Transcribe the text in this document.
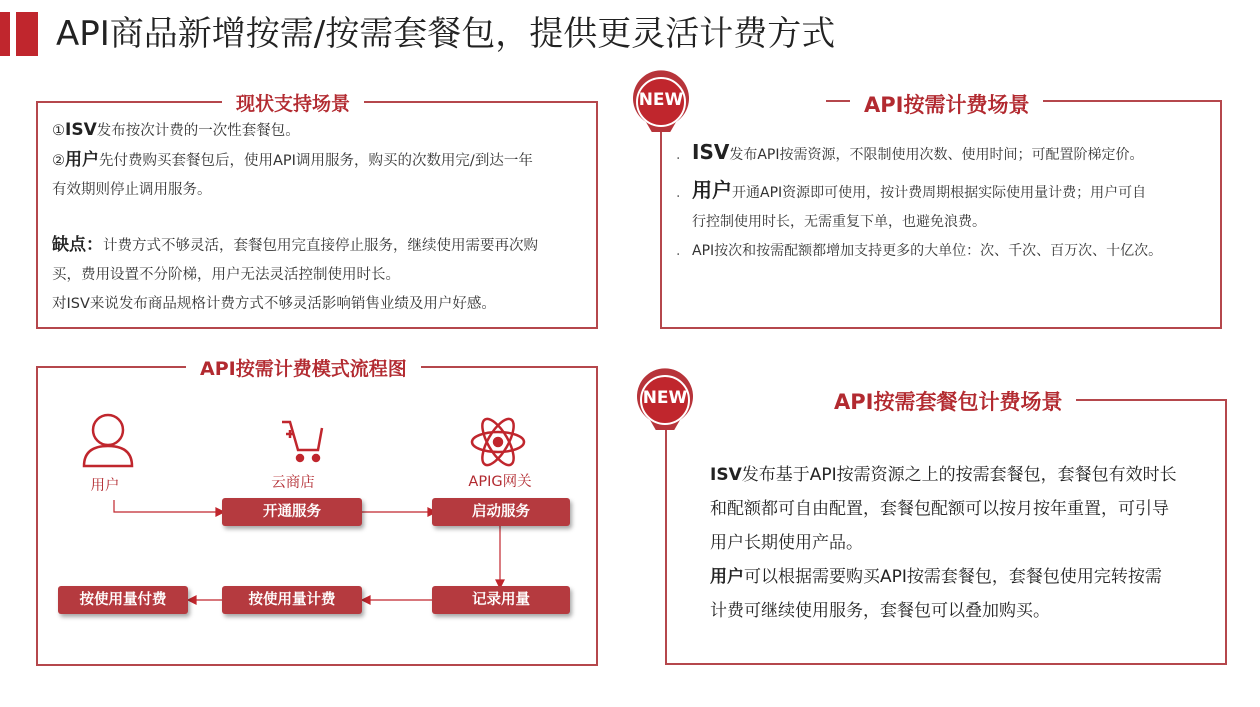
API商品新增按需/按需套餐包，提供更灵活计费方式
现状支持场景
①ISV发布按次计费的一次性套餐包。
②用户先付费购买套餐包后，使用API调用服务，购买的次数用完/到达一年
有效期则停止调用服务。
缺点：计费方式不够灵活，套餐包用完直接停止服务，继续使用需要再次购
买，费用设置不分阶梯，用户无法灵活控制使用时长。
对ISV来说发布商品规格计费方式不够灵活影响销售业绩及用户好感。
API按需计费模式流程图
用户	云商店	APIG网关
开通服务	启动服务
记录用量
按使用量计费
按使用量付费
API按需计费场景
NEW
. ISV发布API按需资源，不限制使用次数、使用时间；可配置阶梯定价。
. 用户开通API资源即可使用，按计费周期根据实际使用量计费；用户可自
行控制使用时长，无需重复下单，也避免浪费。
. API按次和按需配额都增加支持更多的大单位：次、千次、百万次、十亿次。
API按需套餐包计费场景
NEW
ISV发布基于API按需资源之上的按需套餐包，套餐包有效时长
和配额都可自由配置，套餐包配额可以按月按年重置，可引导
用户长期使用产品。
用户可以根据需要购买API按需套餐包，套餐包使用完转按需
计费可继续使用服务，套餐包可以叠加购买。
